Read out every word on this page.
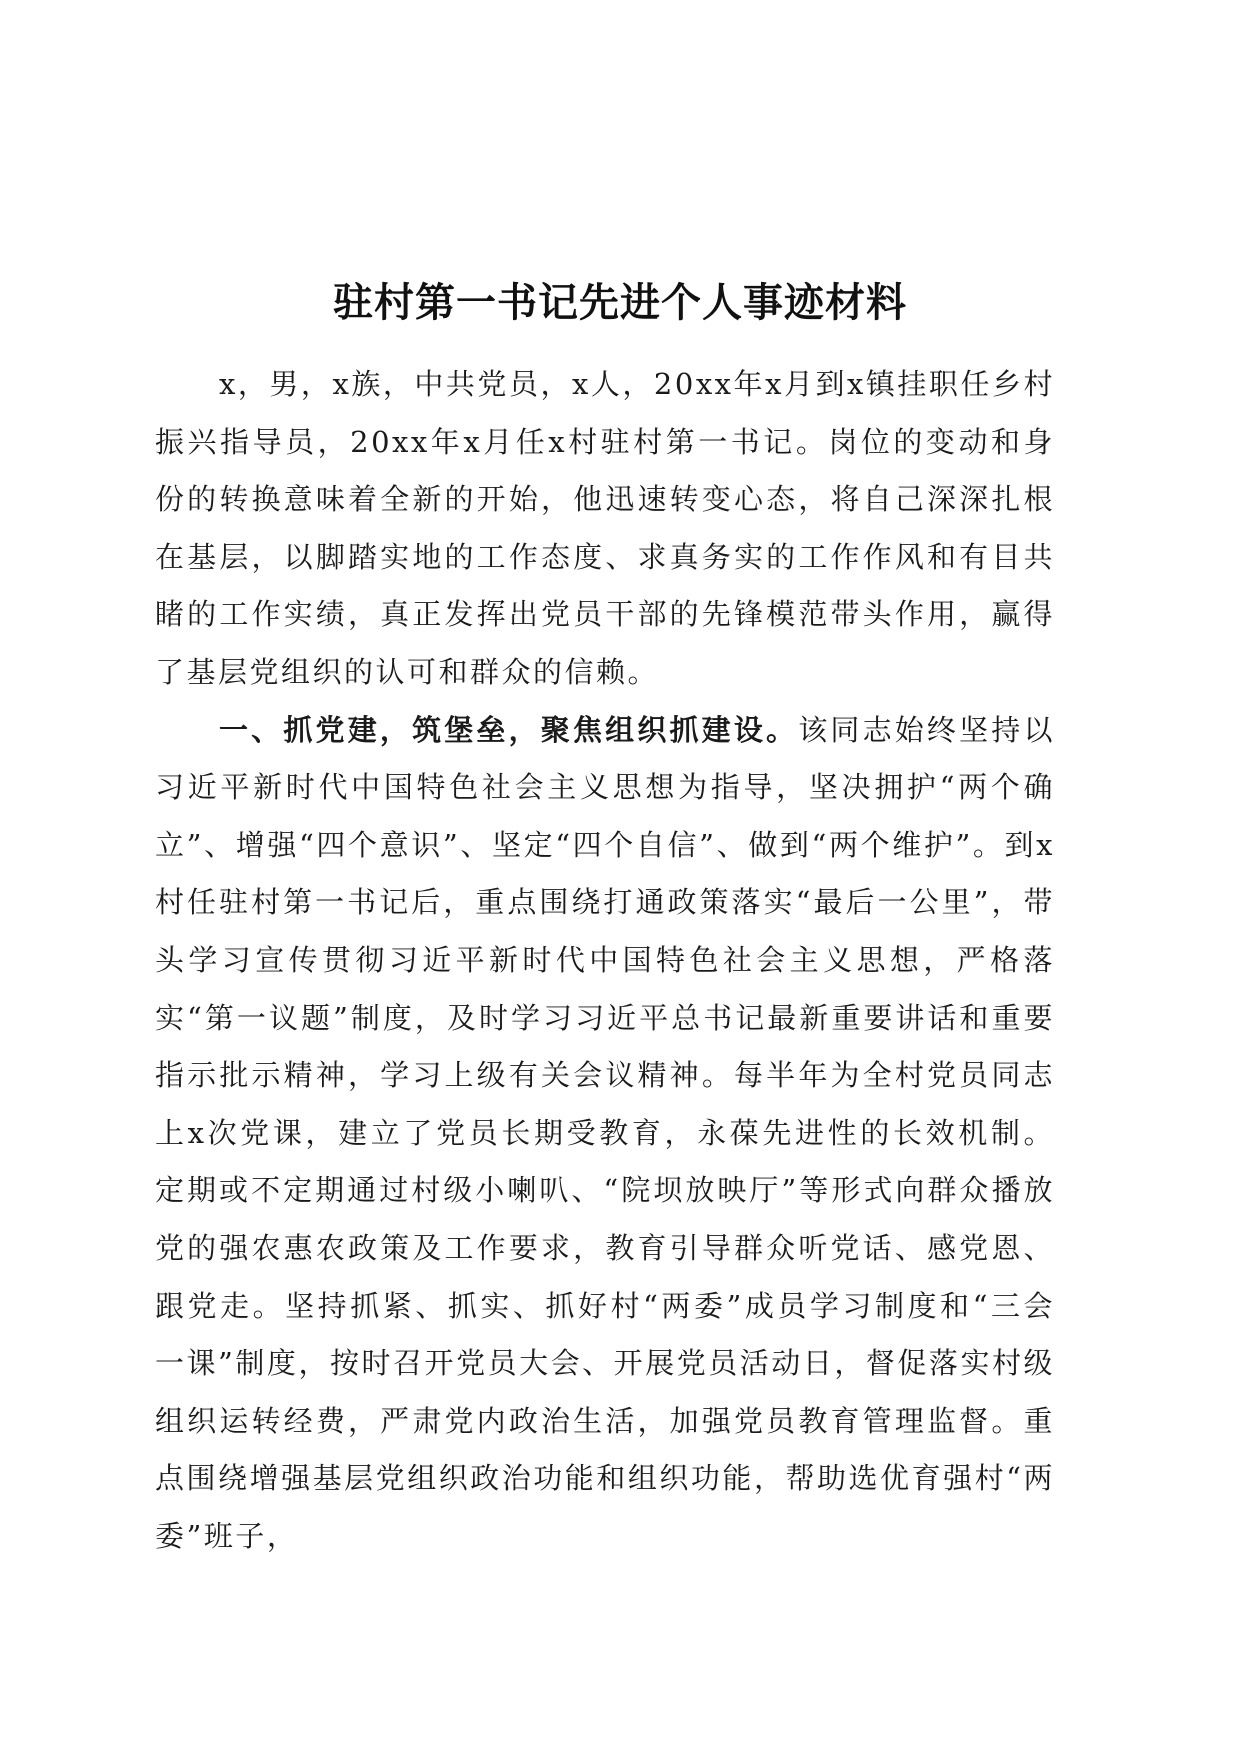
驻村第一书记先进个人事迹材料

x，男，x族，中共党员，x人，20xx年x月到x镇挂职任乡村振兴指导员，20xx年x月任x村驻村第一书记。岗位的变动和身份的转换意味着全新的开始，他迅速转变心态，将自己深深扎根在基层，以脚踏实地的工作态度、求真务实的工作作风和有目共睹的工作实绩，真正发挥出党员干部的先锋模范带头作用，赢得了基层党组织的认可和群众的信赖。

一、抓党建，筑堡垒，聚焦组织抓建设。该同志始终坚持以习近平新时代中国特色社会主义思想为指导，坚决拥护“两个确立”、增强“四个意识”、坚定“四个自信”、做到“两个维护”。到x村任驻村第一书记后，重点围绕打通政策落实“最后一公里”，带头学习宣传贯彻习近平新时代中国特色社会主义思想，严格落实“第一议题”制度，及时学习习近平总书记最新重要讲话和重要指示批示精神，学习上级有关会议精神。每半年为全村党员同志上x次党课，建立了党员长期受教育，永葆先进性的长效机制。定期或不定期通过村级小喇叭、“院坝放映厅”等形式向群众播放党的强农惠农政策及工作要求，教育引导群众听党话、感党恩、跟党走。坚持抓紧、抓实、抓好村“两委”成员学习制度和“三会一课”制度，按时召开党员大会、开展党员活动日，督促落实村级组织运转经费，严肃党内政治生活，加强党员教育管理监督。重点围绕增强基层党组织政治功能和组织功能，帮助选优育强村“两委”班子，
